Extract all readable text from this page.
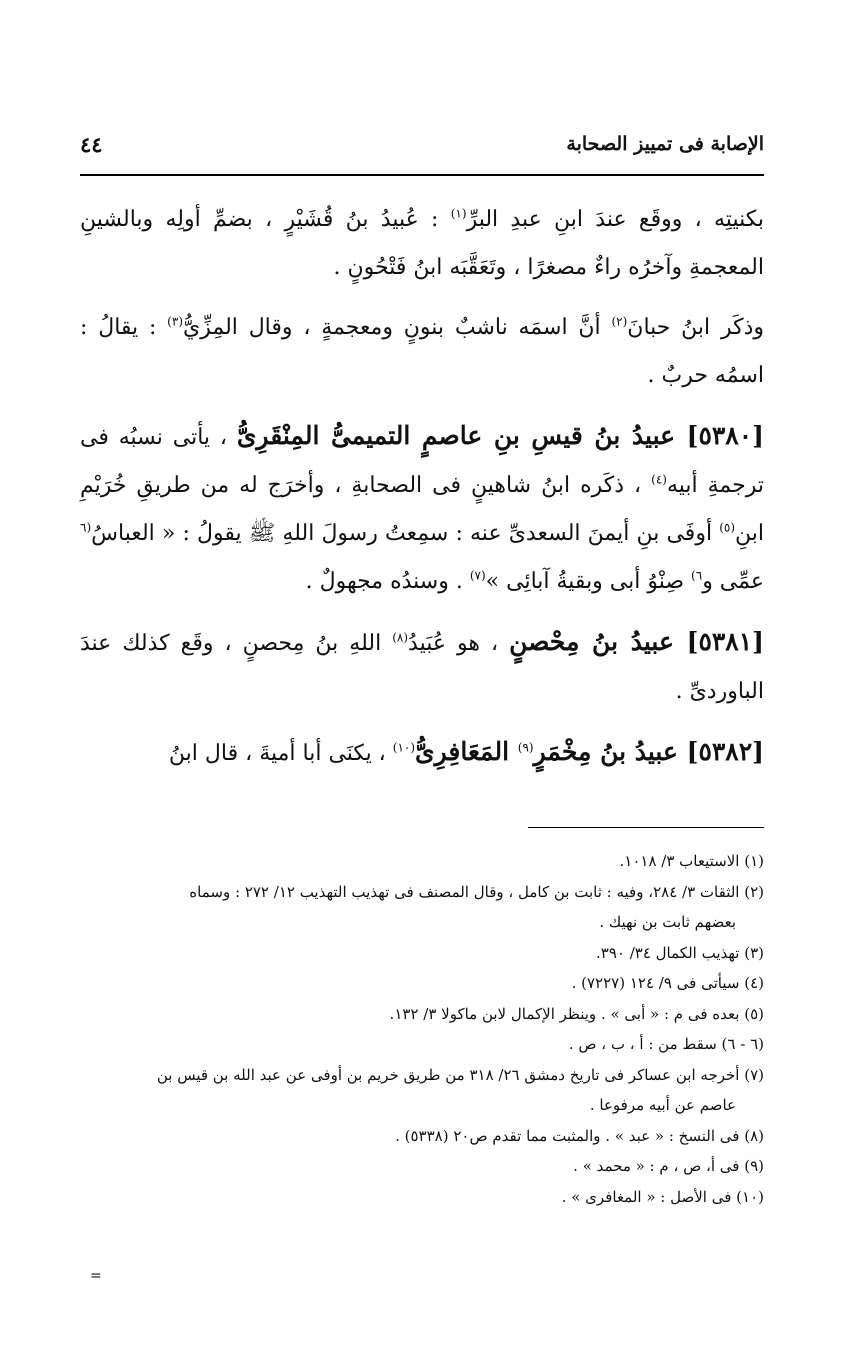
الإصابة فى تمييز الصحابة
٤٤

بكنيتِه ، ووقَع عندَ ابنِ عبدِ البرِّ$^{(١)}$ : عُبيدُ بنُ قُشَيْرٍ ، بضمِّ أولِه وبالشينِ المعجمةِ وآخرُه راءٌ مصغرًا ، وتَعَقَّبَه ابنُ فَتْحُونٍ .

وذكَر ابنُ حبانَ$^{(٢)}$ أنَّ اسمَه ناشبٌ بنونٍ ومعجمةٍ ، وقال المِزِّيُّ$^{(٣)}$ : يقالُ : اسمُه حربٌ .

[٥٣٨٠] عبيدُ بنُ قيسِ بنِ عاصمٍ التميمىُّ المِنْقَرِىُّ ، يأتى نسبُه فى ترجمةِ أبيه$^{(٤)}$ ، ذكَره ابنُ شاهينٍ فى الصحابةِ ، وأخرَج له من طريقِ خُرَيْمِ ابنِ$^{(٥)}$ أوفَى بنِ أيمنَ السعدىِّ عنه : سمِعتُ رسولَ اللهِ ﷺ يقولُ : « العباسُ$^{(٦}$ عمِّى و$^{٦)}$ صِنْوُ أبى وبقيةُ آبائِى »$^{(٧)}$ . وسندُه مجهولٌ .

[٥٣٨١] عبيدُ بنُ مِحْصنٍ ، هو عُبَيدُ$^{(٨)}$ اللهِ بنُ مِحصنٍ ، وقَع كذلك عندَ الباوردىِّ .

[٥٣٨٢] عبيدُ بنُ مِخْمَرٍ$^{(٩)}$ المَعَافِرِىُّ$^{(١٠)}$ ، يكنَى أبا أميةَ ، قال ابنُ

(١) الاستيعاب ٣/ ١٠١٨.

(٢) الثقات ٣/ ٢٨٤، وفيه : ثابت بن كامل ، وقال المصنف فى تهذيب التهذيب ١٢/ ٢٧٢ : وسماه
بعضهم ثابت بن نهيك .

(٣) تهذيب الكمال ٣٤/ ٣٩٠.

(٤) سيأتى فى ٩/ ١٢٤ (٧٢٢٧) .

(٥) بعده فى م : « أبى » . وينظر الإكمال لابن ماكولا ٣/ ١٣٢.

(٦ - ٦) سقط من : أ ، ب ، ص .

(٧) أخرجه ابن عساكر فى تاريخ دمشق ٢٦/ ٣١٨ من طريق خريم بن أوفى عن عبد الله بن قيس بن
عاصم عن أبيه مرفوعا .

(٨) فى النسخ : « عبد » . والمثبت مما تقدم ص٢٠ (٥٣٣٨) .

(٩) فى أ، ص ، م : « محمد » .

(١٠) فى الأصل : « المغافرى » .

=
